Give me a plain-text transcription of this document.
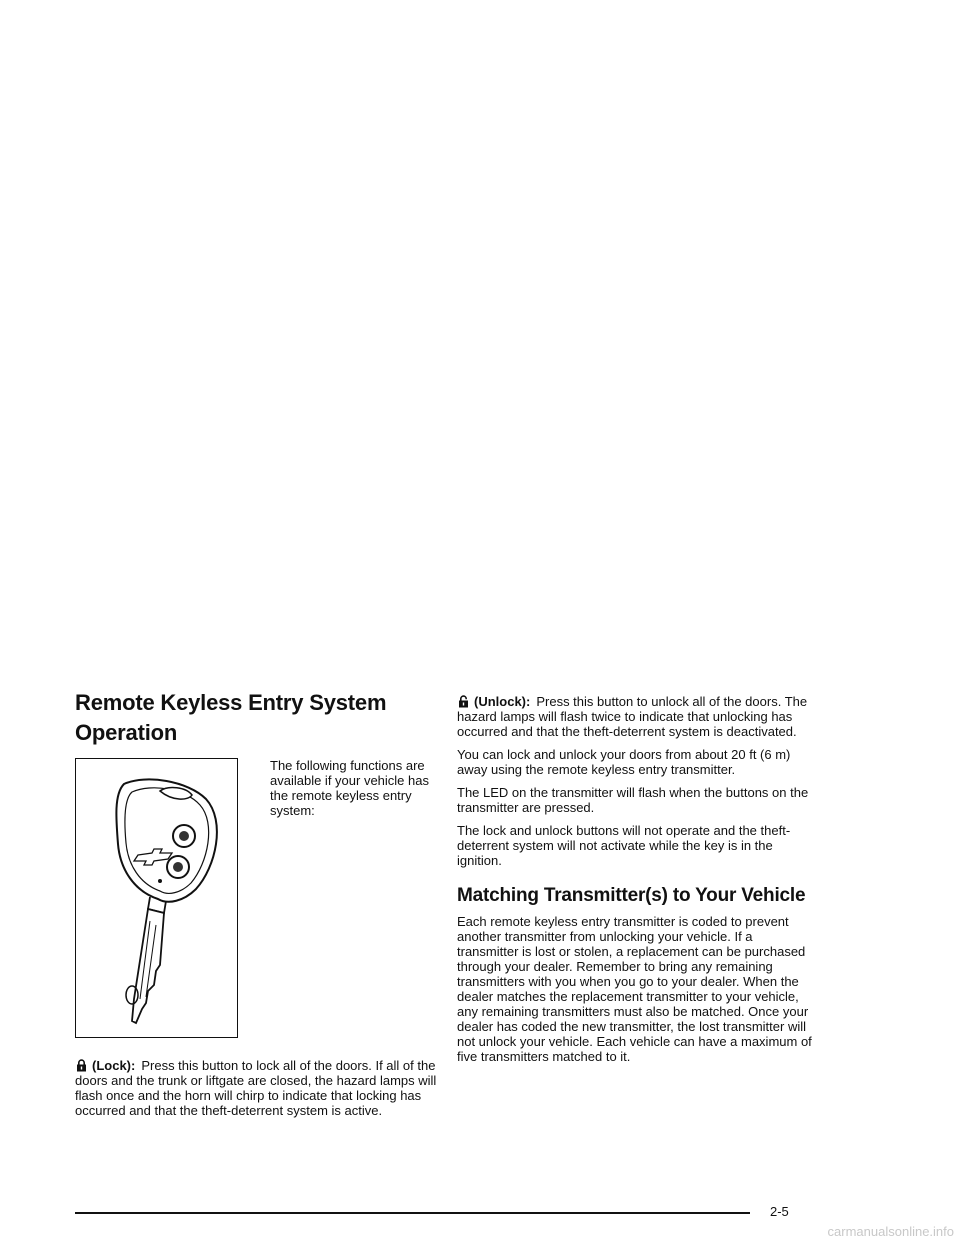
Remote Keyless Entry System Operation
The following functions are available if your vehicle has the remote keyless entry system:

(Lock): Press this button to lock all of the doors. If all of the doors and the trunk or liftgate are closed, the hazard lamps will flash once and the horn will chirp to indicate that locking has occurred and that the theft-deterrent system is active.

(Unlock): Press this button to unlock all of the doors. The hazard lamps will flash twice to indicate that unlocking has occurred and that the theft-deterrent system is deactivated.

You can lock and unlock your doors from about 20 ft (6 m) away using the remote keyless entry transmitter.

The LED on the transmitter will flash when the buttons on the transmitter are pressed.

The lock and unlock buttons will not operate and the theft-deterrent system will not activate while the key is in the ignition.

Matching Transmitter(s) to Your Vehicle

Each remote keyless entry transmitter is coded to prevent another transmitter from unlocking your vehicle. If a transmitter is lost or stolen, a replacement can be purchased through your dealer. Remember to bring any remaining transmitters with you when you go to your dealer. When the dealer matches the replacement transmitter to your vehicle, any remaining transmitters must also be matched. Once your dealer has coded the new transmitter, the lost transmitter will not unlock your vehicle. Each vehicle can have a maximum of five transmitters matched to it.

2-5
carmanualsonline.info
